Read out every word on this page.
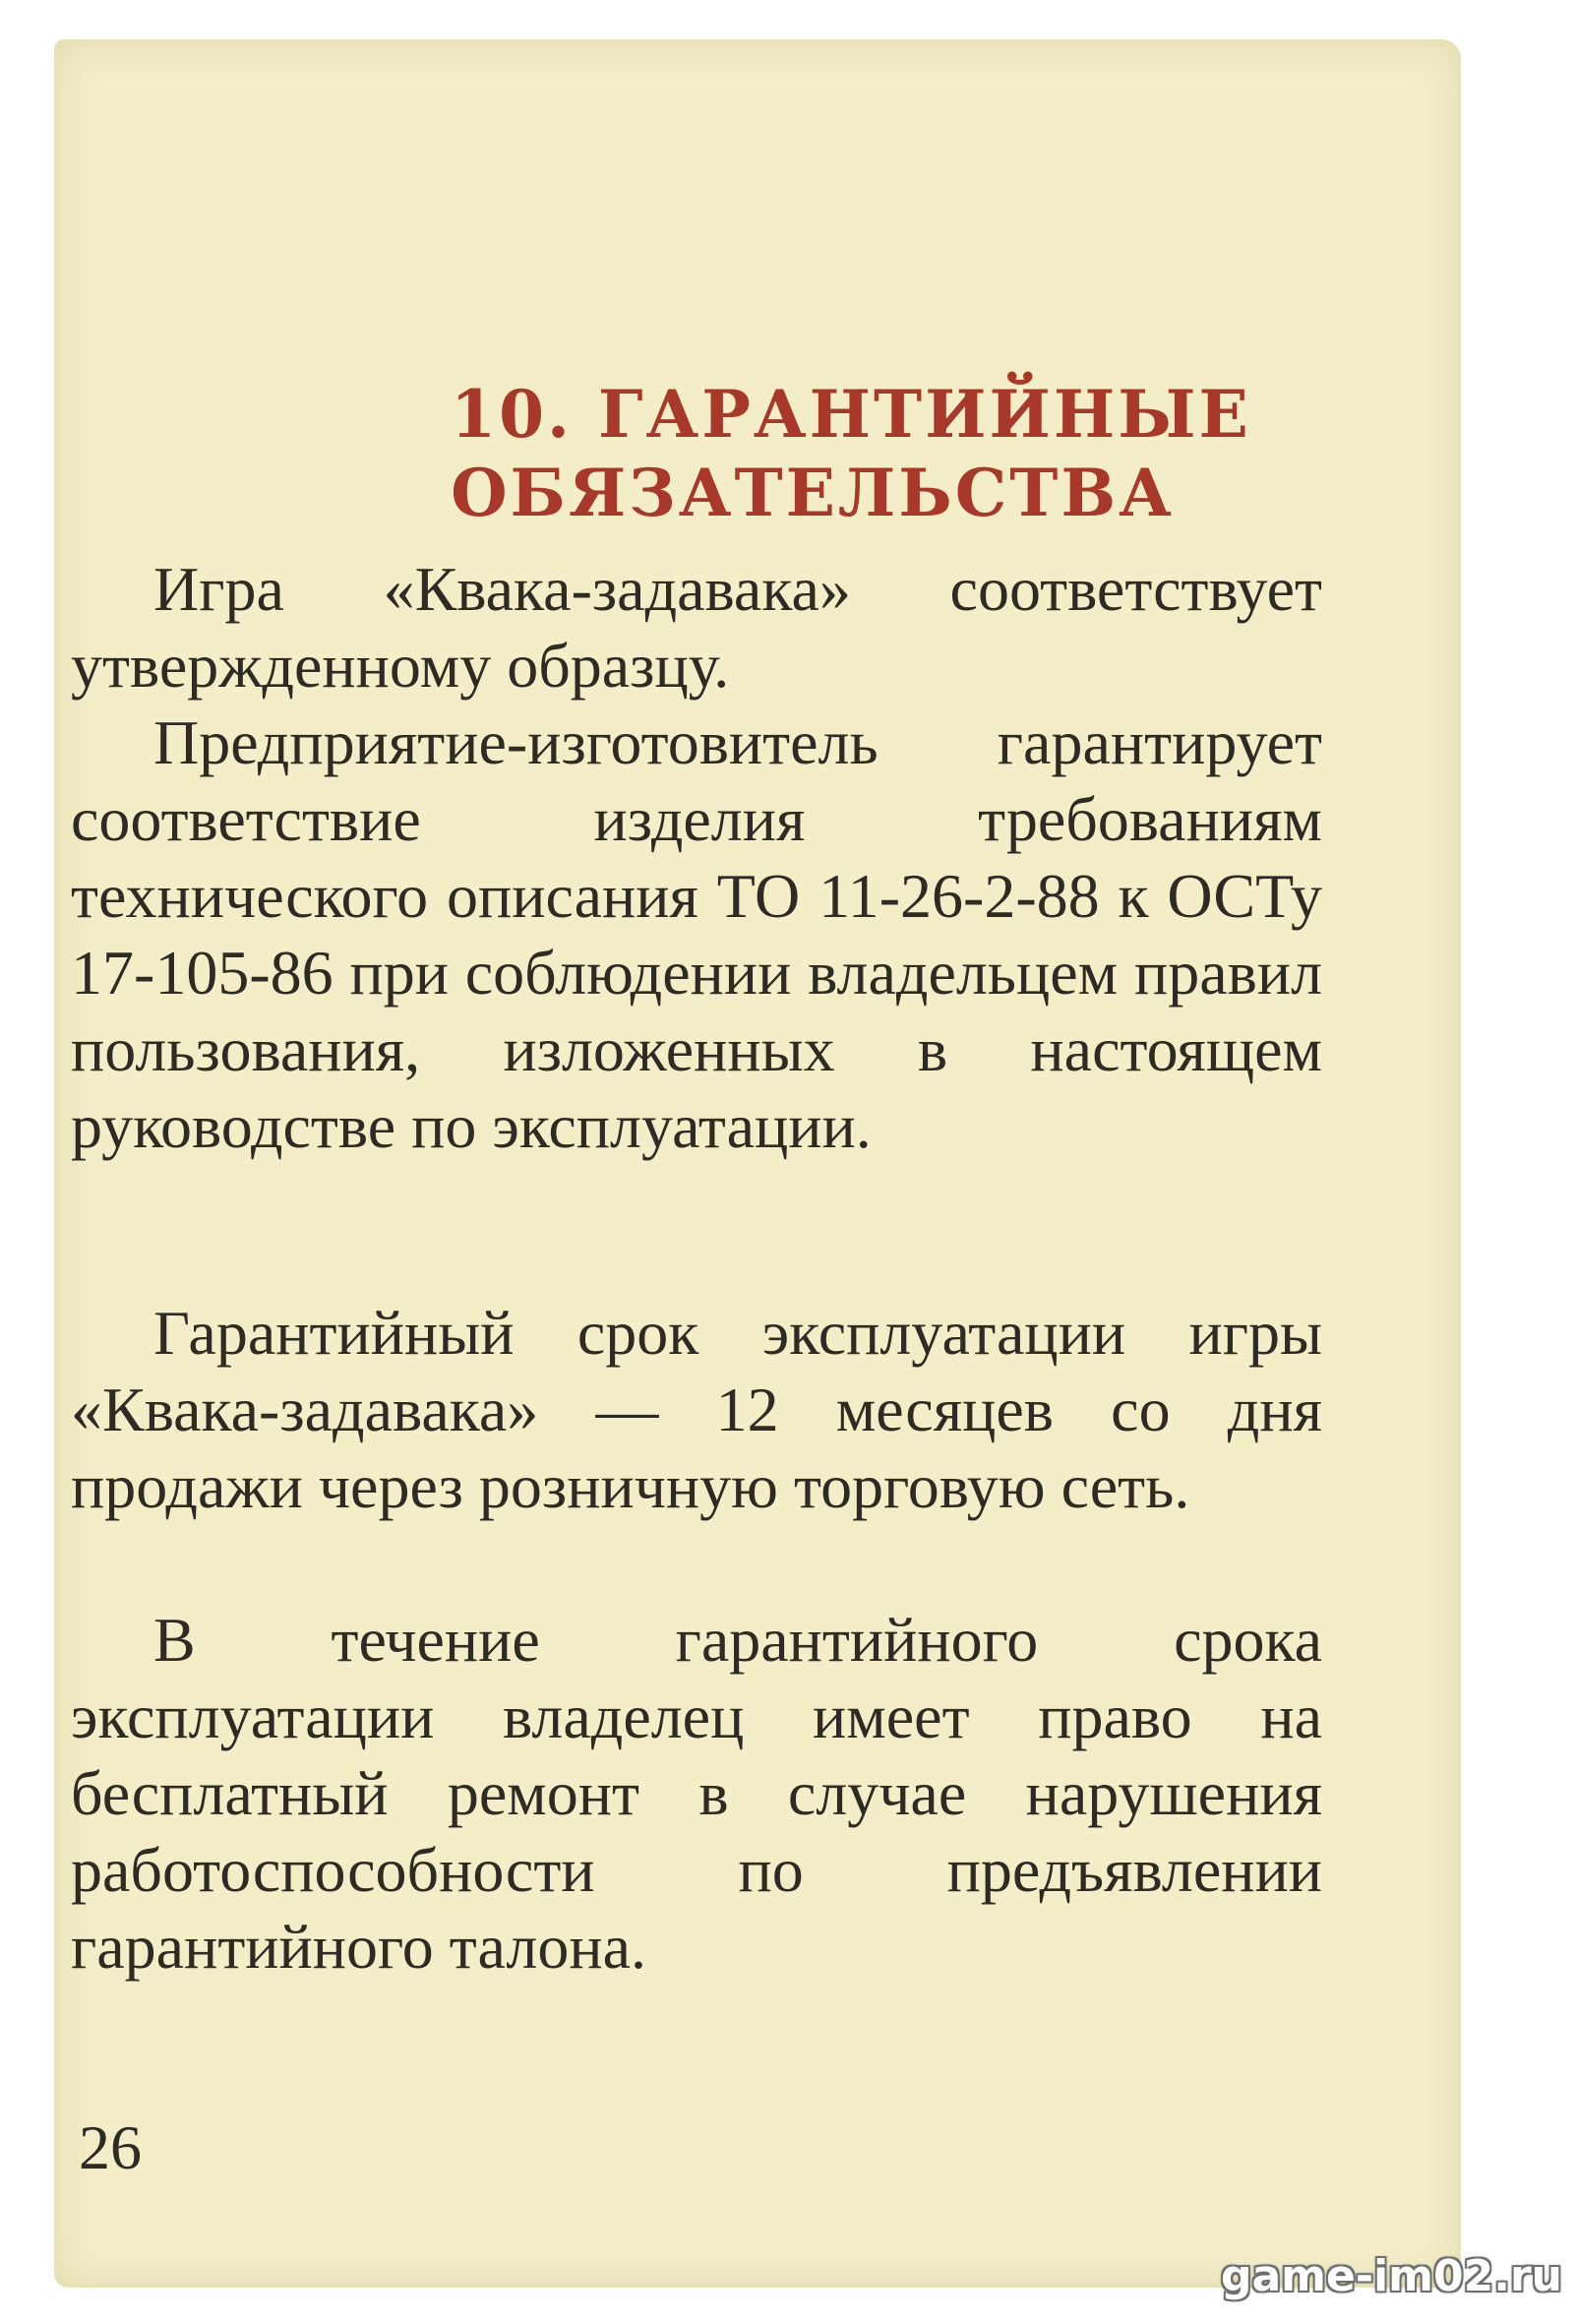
10. ГАРАНТИЙНЫЕ
ОБЯЗАТЕЛЬСТВА

Игра «Квака-задавака» соответствует утвержденному образцу.

Предприятие-изготовитель гарантирует соответствие изделия требованиям технического описания ТО 11-26-2-88 к ОСТу 17-105-86 при соблюдении владельцем правил пользования, изложенных в настоящем руководстве по эксплуатации.

Гарантийный срок эксплуатации игры «Квака-задавака» — 12 месяцев со дня продажи через розничную торговую сеть.

В течение гарантийного срока эксплуатации владелец имеет право на бесплатный ремонт в случае нарушения работоспособности по предъявлении гарантийного талона.

26
game-im02.ru
